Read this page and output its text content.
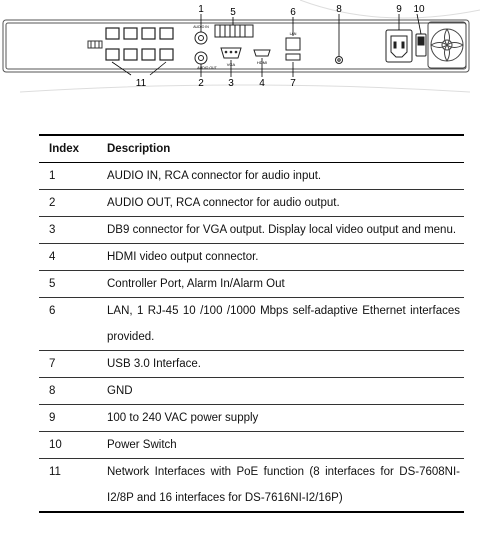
AUDIO IN
AUDIO OUT
VGA	HDMI
LAN
1	5	6	8	9 10
11	2 3	4	7
Index	Description
1	AUDIO IN, RCA connector for audio input.
2	AUDIO OUT, RCA connector for audio output.
3	DB9 connector for VGA output. Display local video output and menu.
4	HDMI video output connector.
5	Controller Port, Alarm In/Alarm Out
6	LAN, 1 RJ-45 10 /100 /1000 Mbps self-adaptive Ethernet interfaces provided.
7	USB 3.0 Interface.
8	GND
9	100 to 240 VAC power supply
10	Power Switch
11	Network Interfaces with PoE function (8 interfaces for DS-7608NI-I2/8P and 16 interfaces for DS-7616NI-I2/16P)
